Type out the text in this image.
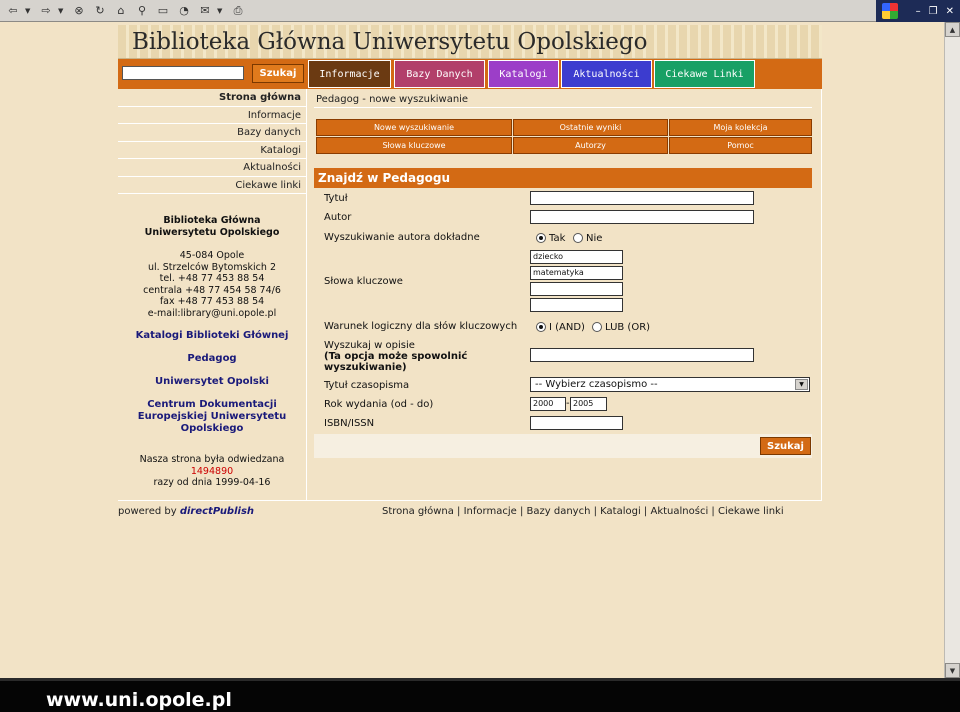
⇦	▼	⇨	▼	⊗	↻	⌂	⚲	▭ ◔	✉	▼	⎙	– ❐ ✕
▲
▼
Biblioteka Główna Uniwersytetu Opolskiego
Szukaj	Informacje	Bazy Danych	Katalogi	Aktualności	Ciekawe Linki
Strona główna
Informacje
Bazy danych
Katalogi
Aktualności
Ciekawe linki
Biblioteka Główna Uniwersytetu Opolskiego
45-084 Opole
ul. Strzelców Bytomskich 2
tel. +48 77 453 88 54
centrala +48 77 454 58 74/6
fax +48 77 453 88 54
e-mail:library@uni.opole.pl
Katalogi Biblioteki Głównej
Pedagog
Uniwersytet Opolski
Centrum Dokumentacji Europejskiej Uniwersytetu Opolskiego
Nasza strona była odwiedzana
1494890
razy od dnia 1999-04-16
Pedagog - nowe wyszukiwanie
Nowe wyszukiwanie	Ostatnie wyniki	Moja kolekcja
Słowa kluczowe	Autorzy	Pomoc
Znajdź w Pedagogu
Tytuł
Autor
Wyszukiwanie autora dokładne	Tak Nie
Słowa kluczowe
dziecko
matematyka
Warunek logiczny dla słów kluczowych	I (AND) LUB (OR)
Wyszukaj w opisie
(Ta opcja może spowolnić wyszukiwanie)
Tytuł czasopisma	-- Wybierz czasopismo --	▼
Rok wydania (od - do)	2000	- 2005
ISBN/ISSN
Szukaj
powered by directPublish	Strona główna | Informacje | Bazy danych | Katalogi | Aktualności | Ciekawe linki
www.uni.opole.pl
